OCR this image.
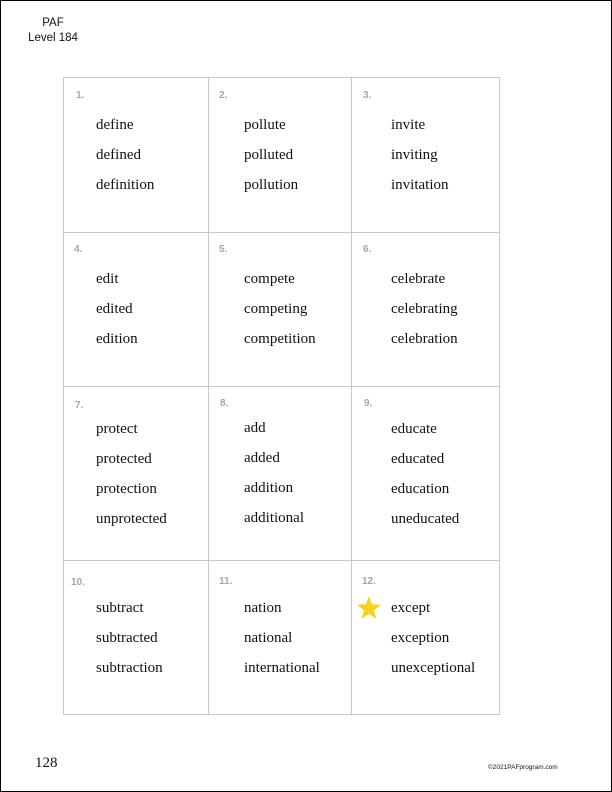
PAF
Level 184
1.
define
defined
definition
2.
pollute
polluted
pollution
3.
invite
inviting
invitation
4.
edit
edited
edition
5.
compete
competing
competition
6.
celebrate
celebrating
celebration
7.
protect
protected
protection
unprotected
8.
add
added
addition
additional
9.
educate
educated
education
uneducated
10.
subtract
subtracted
subtraction
11.
nation
national
international
12.
except
exception
unexceptional
128	©2021PAFprogram.com
